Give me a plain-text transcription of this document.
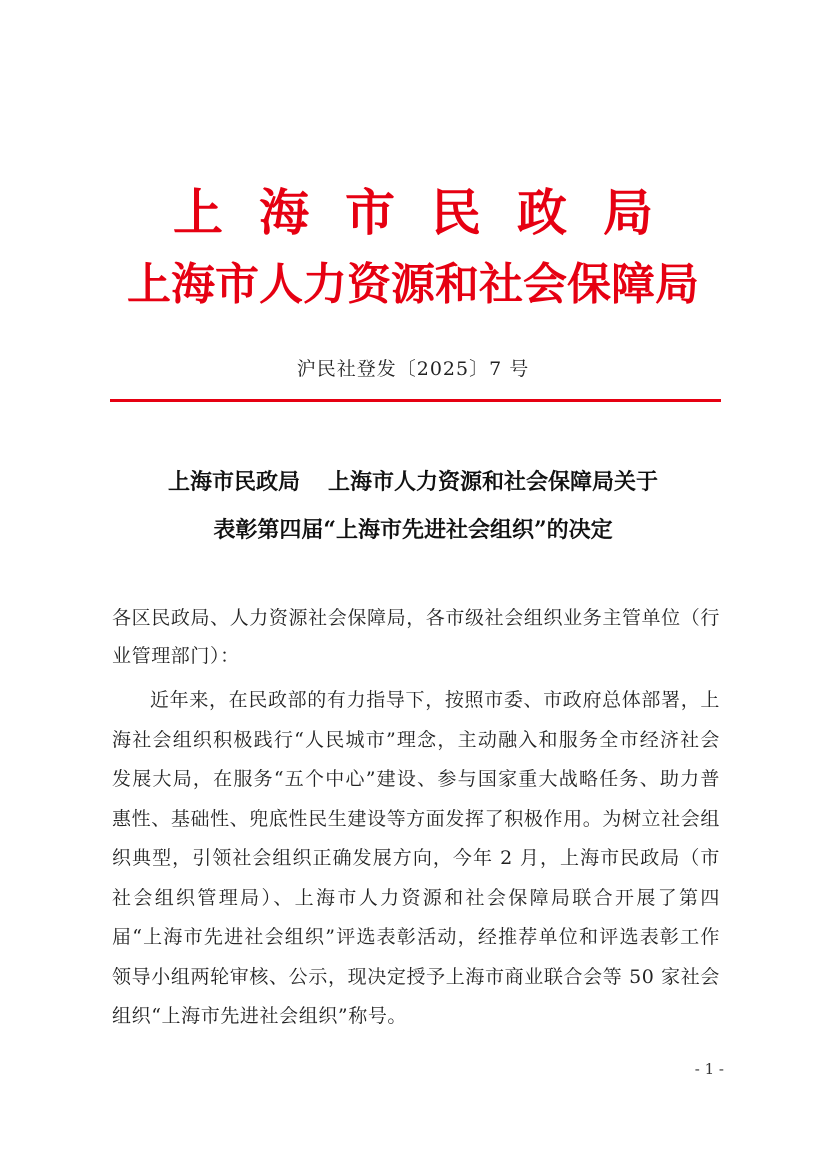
上海市民政局
上海市人力资源和社会保障局
沪民社登发〔2025〕7 号
上海市民政局 上海市人力资源和社会保障局关于
表彰第四届“上海市先进社会组织”的决定
各区民政局、人力资源社会保障局，各市级社会组织业务主管单位（行业管理部门）：
近年来，在民政部的有力指导下，按照市委、市政府总体部署，上海社会组织积极践行“人民城市”理念，主动融入和服务全市经济社会发展大局，在服务“五个中心”建设、参与国家重大战略任务、助力普惠性、基础性、兜底性民生建设等方面发挥了积极作用。为树立社会组织典型，引领社会组织正确发展方向，今年 2 月，上海市民政局（市社会组织管理局）、上海市人力资源和社会保障局联合开展了第四届“上海市先进社会组织”评选表彰活动，经推荐单位和评选表彰工作领导小组两轮审核、公示，现决定授予上海市商业联合会等 50 家社会组织“上海市先进社会组织”称号。
- 1 -
